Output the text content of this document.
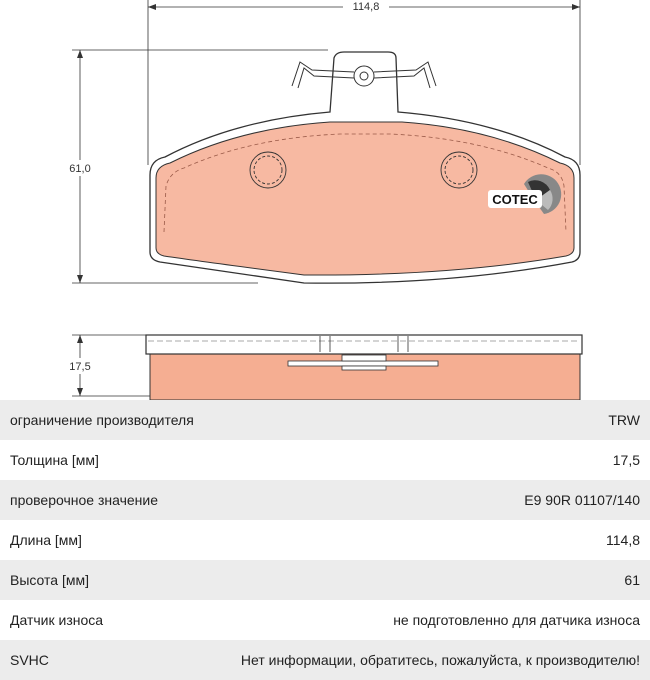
114,8
61,0
COTEC
17,5
ограничение производителя	TRW
Толщина [мм]	17,5
проверочное значение	E9 90R 01107/140
Длина [мм]	114,8
Высота [мм]	61
Датчик износа	не подготовленно для датчика износа
SVHC	Нет информации, обратитесь, пожалуйста, к производителю!
